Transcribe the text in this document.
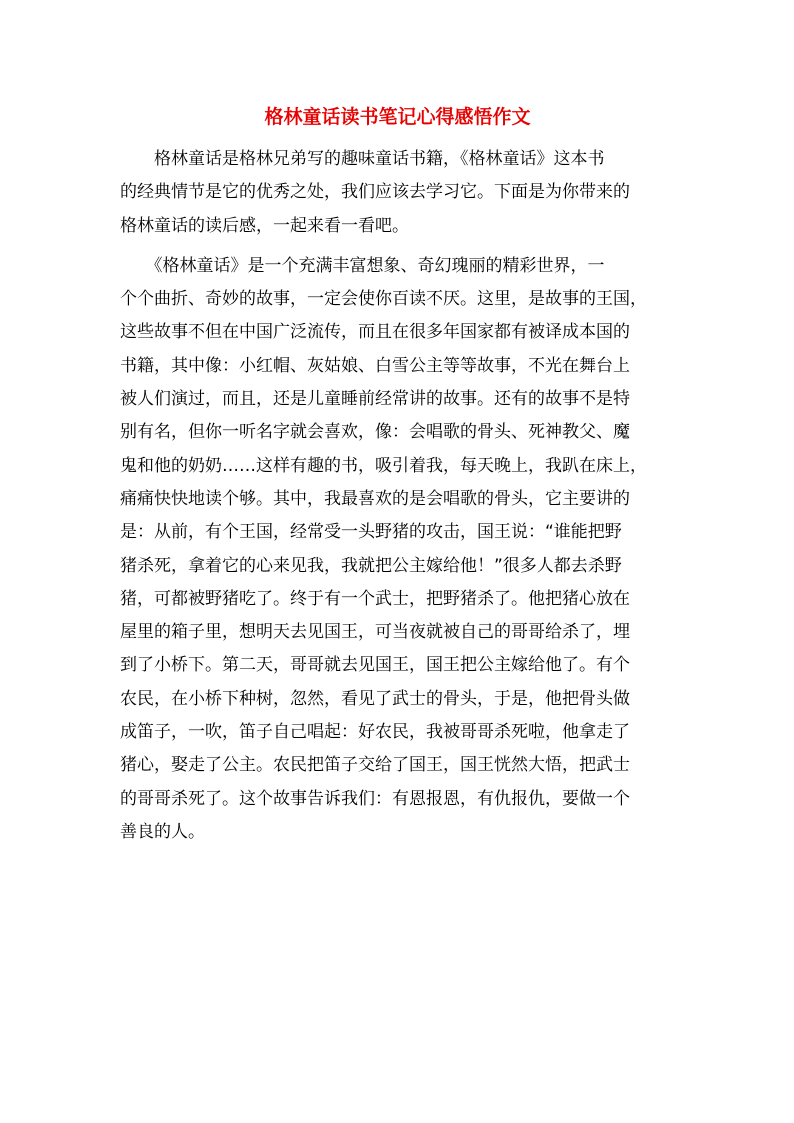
格林童话读书笔记心得感悟作文
　　格林童话是格林兄弟写的趣味童话书籍，《格林童话》这本书
的经典情节是它的优秀之处，我们应该去学习它。下面是为你带来的
格林童话的读后感，一起来看一看吧。
　　《格林童话》是一个充满丰富想象、奇幻瑰丽的精彩世界，一
个个曲折、奇妙的故事，一定会使你百读不厌。这里，是故事的王国，
这些故事不但在中国广泛流传，而且在很多年国家都有被译成本国的
书籍，其中像：小红帽、灰姑娘、白雪公主等等故事，不光在舞台上
被人们演过，而且，还是儿童睡前经常讲的故事。还有的故事不是特
别有名，但你一听名字就会喜欢，像：会唱歌的骨头、死神教父、魔
鬼和他的奶奶……这样有趣的书，吸引着我，每天晚上，我趴在床上，
痛痛快快地读个够。其中，我最喜欢的是会唱歌的骨头，它主要讲的
是：从前，有个王国，经常受一头野猪的攻击，国王说：“谁能把野
猪杀死，拿着它的心来见我，我就把公主嫁给他！”很多人都去杀野
猪，可都被野猪吃了。终于有一个武士，把野猪杀了。他把猪心放在
屋里的箱子里，想明天去见国王，可当夜就被自己的哥哥给杀了，埋
到了小桥下。第二天，哥哥就去见国王，国王把公主嫁给他了。有个
农民，在小桥下种树，忽然，看见了武士的骨头，于是，他把骨头做
成笛子，一吹，笛子自己唱起：好农民，我被哥哥杀死啦，他拿走了
猪心，娶走了公主。农民把笛子交给了国王，国王恍然大悟，把武士
的哥哥杀死了。这个故事告诉我们：有恩报恩，有仇报仇，要做一个
善良的人。
